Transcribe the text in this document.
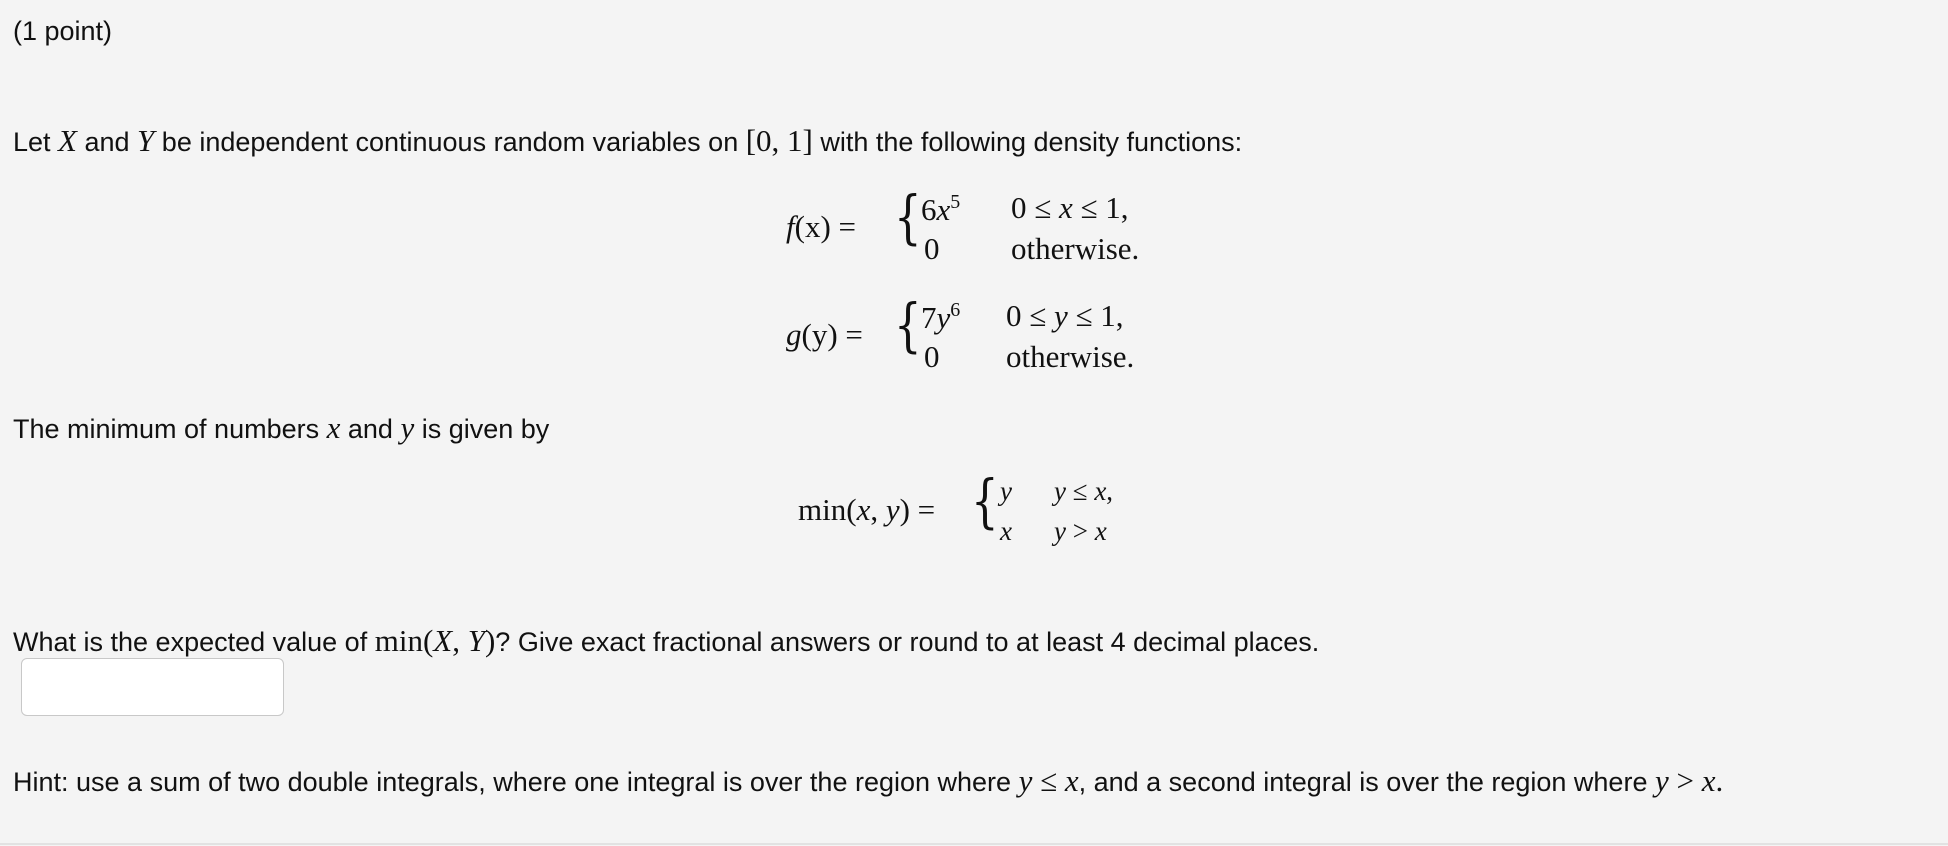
(1 point)
Let X and Y be independent continuous random variables on [0, 1] with the following density functions:
f(x) = { $6x^5$ 0 ≤ x ≤ 1,
0 otherwise.
g(y) = { $7y^6$ 0 ≤ y ≤ 1,
0 otherwise.
The minimum of numbers x and y is given by
min(x, y) = { y y ≤ x,
x y > x
What is the expected value of min(X, Y)? Give exact fractional answers or round to at least 4 decimal places.
Hint: use a sum of two double integrals, where one integral is over the region where y ≤ x, and a second integral is over the region where y > x.
